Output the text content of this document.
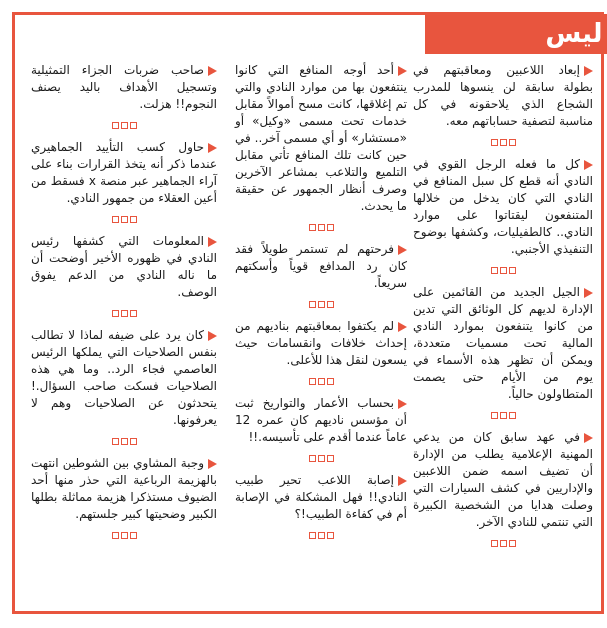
ليس
إبعاد اللاعبين ومعاقبتهم في بطولة سابقة لن ينسوها للمدرب الشجاع الذي يلاحقونه في كل مناسبة لتصفية حساباتهم معه.
كل ما فعله الرجل القوي في النادي أنه قطع كل سبل المنافع في النادي التي كان يدخل من خلالها المتنفعون ليقتاتوا على موارد النادي.. كالطفيليات، وكشفها بوضوح التنفيذي الأجنبي.
الجيل الجديد من القائمين على الإدارة لديهم كل الوثائق التي تدين من كانوا يتنفعون بموارد النادي المالية تحت مسميات متعددة، ويمكن أن تظهر هذه الأسماء في يوم من الأيام حتى يصمت المتطاولون حالياً.
في عهد سابق كان من يدعي المهنية الإعلامية يطلب من الإدارة أن تضيف اسمه ضمن اللاعبين والإداريين في كشف السيارات التي وصلت هدايا من الشخصية الكبيرة التي تنتمي للنادي الآخر.
أحد أوجه المنافع التي كانوا ينتفعون بها من موارد النادي والتي تم إغلاقها، كانت مسح أموالاً مقابل خدمات تحت مسمى «وكيل» أو «مستشار» أو أي مسمى آخر.. في حين كانت تلك المنافع تأتي مقابل التلميع والتلاعب بمشاعر الآخرين وصرف أنظار الجمهور عن حقيقة ما يحدث.
فرحتهم لم تستمر طويلاً فقد كان رد المدافع قوياً وأسكتهم سريعاً.
لم يكتفوا بمعاقبتهم بناديهم من إحداث خلافات وانقسامات حيث يسعون لنقل هذا للأعلى.
بحساب الأعمار والتواريخ ثبت أن مؤسس ناديهم كان عمره 12 عاماً عندما أقدم على تأسيسه.!!
إصابة اللاعب تحير طبيب النادي!! فهل المشكلة في الإصابة أم في كفاءة الطبيب!؟
صاحب ضربات الجزاء التمثيلية وتسجيل الأهداف باليد يصنف النجوم!! هزلت.
حاول كسب التأييد الجماهيري عندما ذكر أنه يتخذ القرارات بناء على آراء الجماهير عبر منصة x فسقط من أعين العقلاء من جمهور النادي.
المعلومات التي كشفها رئيس النادي في ظهوره الأخير أوضحت أن ما ناله النادي من الدعم يفوق الوصف.
كان يرد على ضيفه لماذا لا تطالب بنفس الصلاحيات التي يملكها الرئيس العاصمي فجاء الرد.. وما هي هذه الصلاحيات فسكت صاحب السؤال.! يتحدثون عن الصلاحيات وهم لا يعرفونها.
وجبة المشاوي بين الشوطين انتهت بالهزيمة الرباعية التي حذر منها أحد الضيوف مستذكرا هزيمة مماثلة بطلها الكبير وضحيتها كبير جلستهم.
